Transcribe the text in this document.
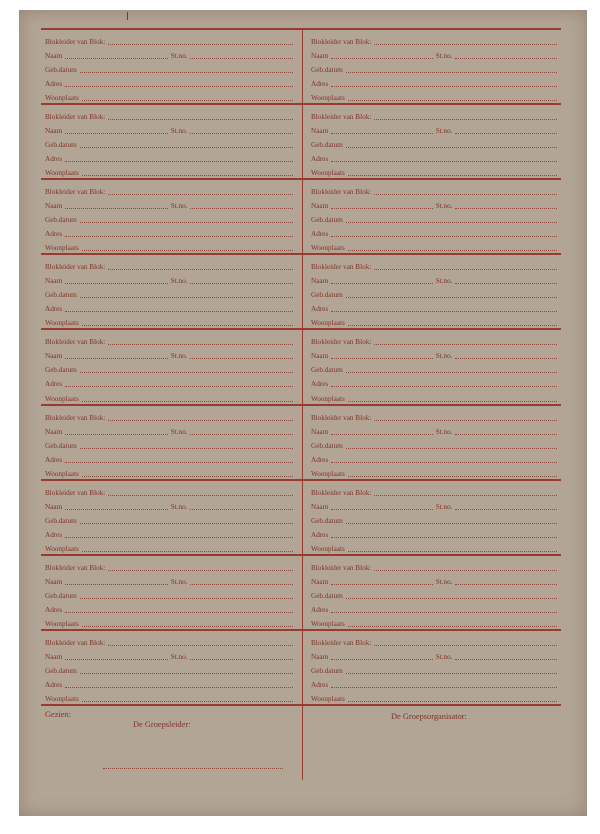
Blokleider van Blok:
Naam	St.no.
Geb.datum
Adres
Woonplaats
Blokleider van Blok:
Naam	St.no.
Geb.datum
Adres
Woonplaats
Blokleider van Blok:
Naam	St.no.
Geb.datum
Adres
Woonplaats
Blokleider van Blok:
Naam	St.no.
Geb.datum
Adres
Woonplaats
Blokleider van Blok:
Naam	St.no.
Geb.datum
Adres
Woonplaats
Blokleider van Blok:
Naam	St.no.
Geb.datum
Adres
Woonplaats
Blokleider van Blok:
Naam	St.no.
Geb.datum
Adres
Woonplaats
Blokleider van Blok:
Naam	St.no.
Geb.datum
Adres
Woonplaats
Blokleider van Blok:
Naam	St.no.
Geb.datum
Adres
Woonplaats
Blokleider van Blok:
Naam	St.no.
Geb.datum
Adres
Woonplaats
Blokleider van Blok:
Naam	St.no.
Geb.datum
Adres
Woonplaats
Blokleider van Blok:
Naam	St.no.
Geb.datum
Adres
Woonplaats
Blokleider van Blok:
Naam	St.no.
Geb.datum
Adres
Woonplaats
Blokleider van Blok:
Naam	St.no.
Geb.datum
Adres
Woonplaats
Blokleider van Blok:
Naam	St.no.
Geb.datum
Adres
Woonplaats
Blokleider van Blok:
Naam	St.no.
Geb.datum
Adres
Woonplaats
Blokleider van Blok:
Naam	St.no.
Geb.datum
Adres
Woonplaats
Blokleider van Blok:
Naam	St.no.
Geb.datum
Adres
Woonplaats
Gezien:
De Groepsleider:
De Groepsorganisator:
